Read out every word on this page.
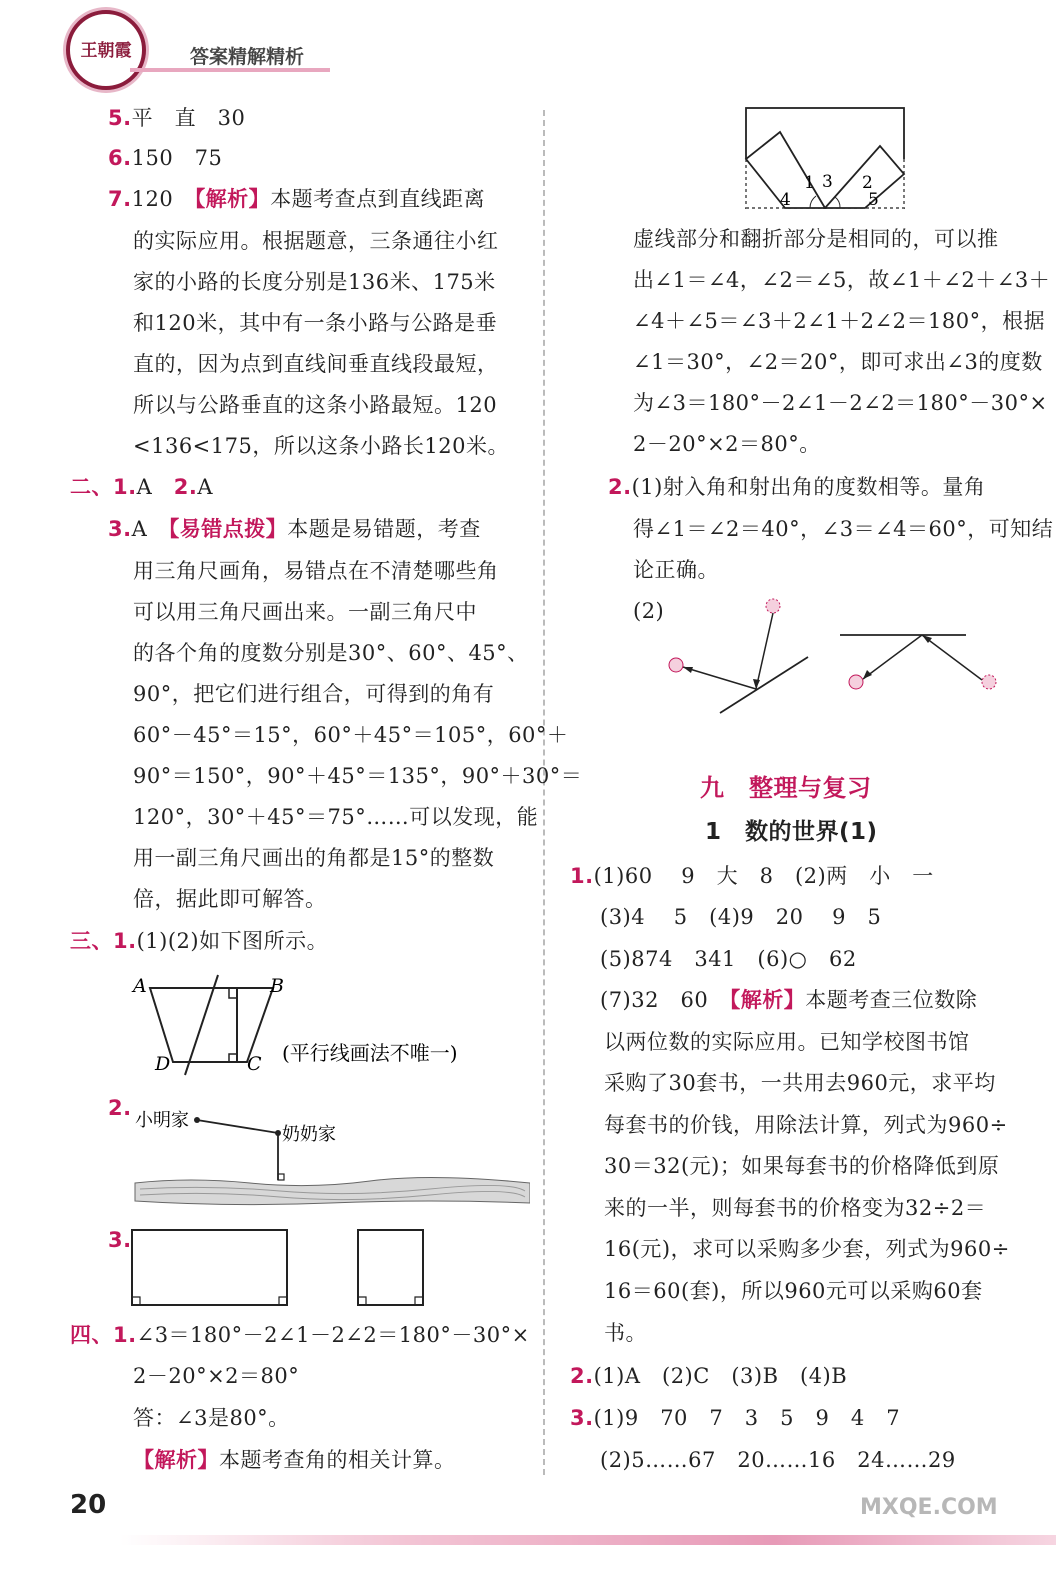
王朝霞	答案精解精析
5.平　直　30
6.150　75
7.120　【解析】本题考查点到直线距离
的实际应用。根据题意，三条通往小红
家的小路的长度分别是136米、175米
和120米，其中有一条小路与公路是垂
直的，因为点到直线间垂直线段最短，
所以与公路垂直的这条小路最短。120
<136<175，所以这条小路长120米。
二、1.A　2.A
3.A　【易错点拨】本题是易错题，考查
用三角尺画角，易错点在不清楚哪些角
可以用三角尺画出来。一副三角尺中
的各个角的度数分别是30°、60°、45°、
90°，把它们进行组合，可得到的角有
60°－45°＝15°，60°＋45°＝105°，60°＋
90°＝150°，90°＋45°＝135°，90°＋30°＝
120°，30°＋45°＝75°……可以发现，能
用一副三角尺画出的角都是15°的整数
倍，据此即可解答。
三、1.(1)(2)如下图所示。
A	B
D	C (平行线画法不唯一)
2.
小明家
奶奶家
3.
四、1.∠3＝180°－2∠1－2∠2＝180°－30°×
2－20°×2＝80°
答：∠3是80°。
【解析】本题考查角的相关计算。
1	2
3
4	5
虚线部分和翻折部分是相同的，可以推
出∠1＝∠4，∠2＝∠5，故∠1＋∠2＋∠3＋
∠4＋∠5＝∠3＋2∠1＋2∠2＝180°，根据
∠1＝30°，∠2＝20°，即可求出∠3的度数
为∠3＝180°－2∠1－2∠2＝180°－30°×
2－20°×2＝80°。
2.(1)射入角和射出角的度数相等。量角
得∠1＝∠2＝40°，∠3＝∠4＝60°，可知结
论正确。
(2)
九　整理与复习
1　数的世界(1)
1.(1)60　 9　大　8　(2)两　小　一
(3)4　 5　(4)9　20　 9　5
(5)874　341　(6)○　62
(7)32　60　【解析】本题考查三位数除
以两位数的实际应用。已知学校图书馆
采购了30套书，一共用去960元，求平均
每套书的价钱，用除法计算，列式为960÷
30＝32(元)；如果每套书的价格降低到原
来的一半，则每套书的价格变为32÷2＝
16(元)，求可以采购多少套，列式为960÷
16＝60(套)，所以960元可以采购60套
书。
2.(1)A　(2)C　(3)B　(4)B
3.(1)9　70　7　3　5　9　4　7
(2)5……67　20……16　24……29
20	MXQE.COM
